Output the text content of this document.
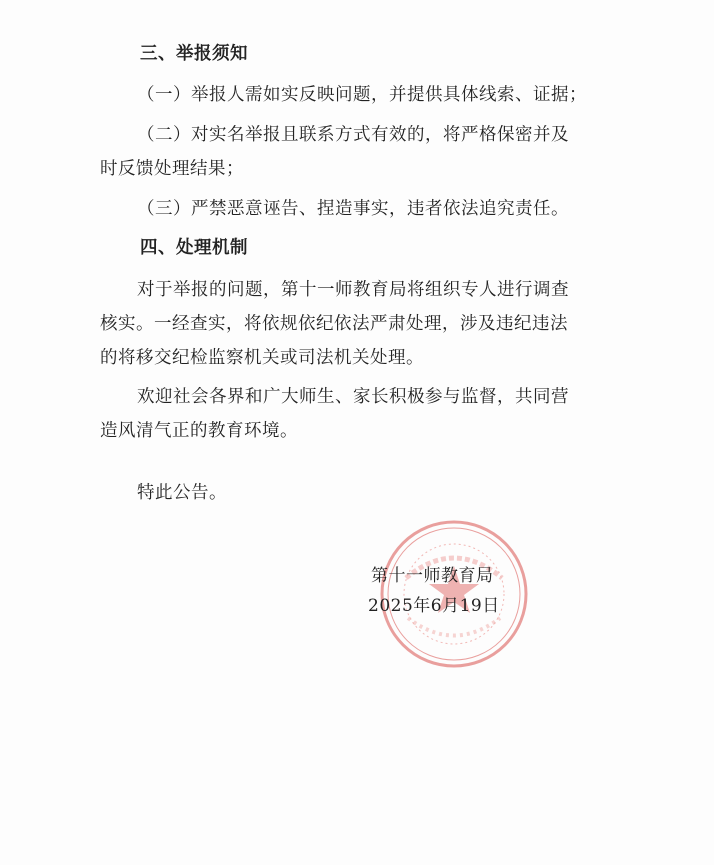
三、举报须知
（一）举报人需如实反映问题，并提供具体线索、证据；
（二）对实名举报且联系方式有效的，将严格保密并及
时反馈处理结果；
（三）严禁恶意诬告、捏造事实，违者依法追究责任。
四、处理机制
对于举报的问题，第十一师教育局将组织专人进行调查
核实。一经查实，将依规依纪依法严肃处理，涉及违纪违法
的将移交纪检监察机关或司法机关处理。
欢迎社会各界和广大师生、家长积极参与监督，共同营
造风清气正的教育环境。
特此公告。
第十一师教育局
2025年6月19日
